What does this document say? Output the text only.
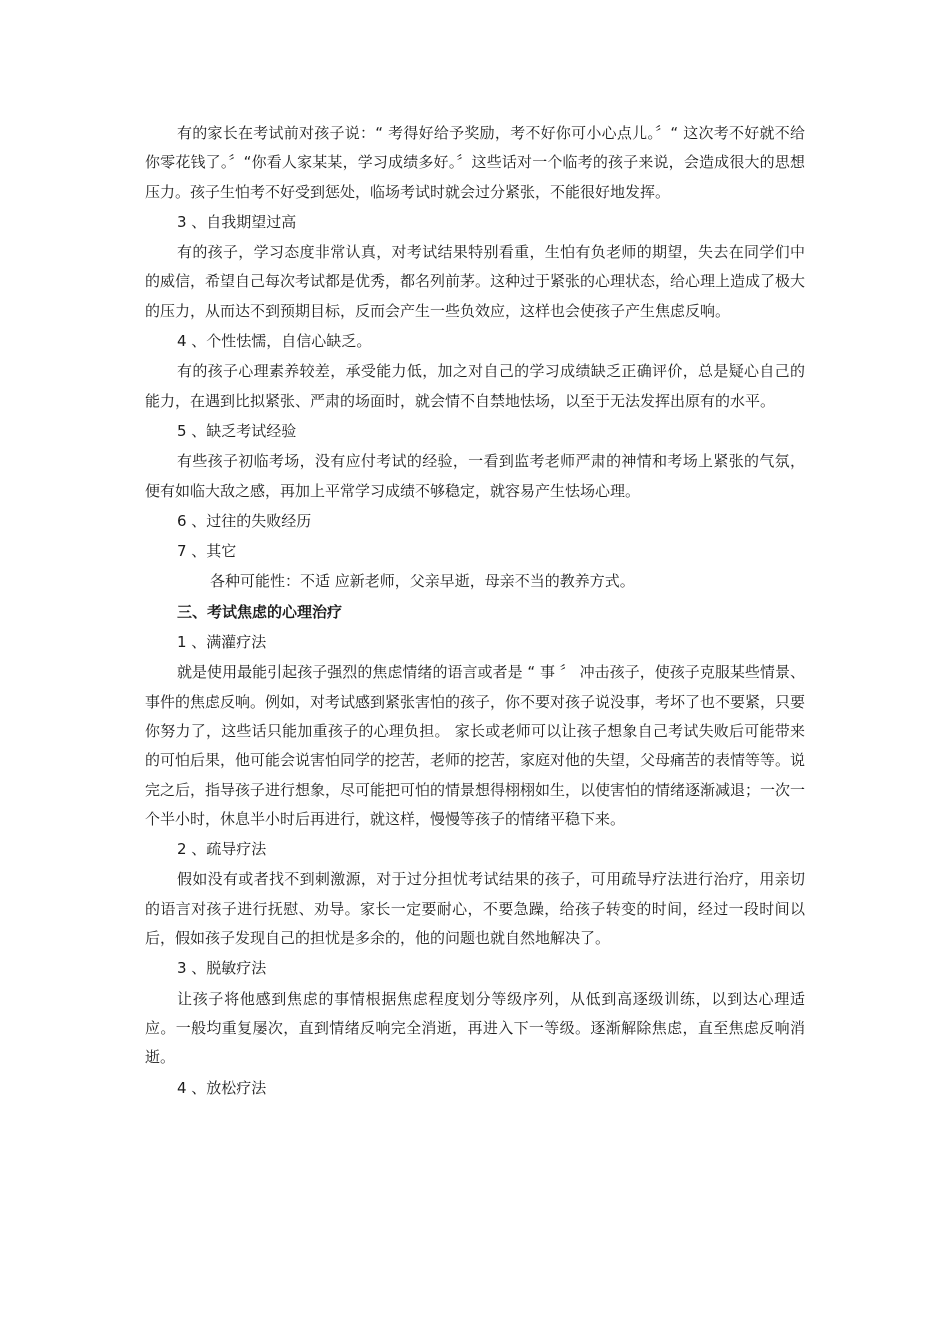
有的家长在考试前对孩子说：“ 考得好给予奖励，考不好你可小心点儿。〞“ 这次考不好就不给你零花钱了。〞“你看人家某某，学习成绩多好。〞这些话对一个临考的孩子来说，会造成很大的思想压力。孩子生怕考不好受到惩处，临场考试时就会过分紧张，不能很好地发挥。

3 、自我期望过高

有的孩子，学习态度非常认真，对考试结果特别看重，生怕有负老师的期望，失去在同学们中的威信，希望自己每次考试都是优秀，都名列前茅。这种过于紧张的心理状态，给心理上造成了极大的压力，从而达不到预期目标，反而会产生一些负效应，这样也会使孩子产生焦虑反响。

4 、个性怯懦，自信心缺乏。

有的孩子心理素养较差，承受能力低，加之对自己的学习成绩缺乏正确评价，总是疑心自己的能力，在遇到比拟紧张、严肃的场面时，就会情不自禁地怯场，以至于无法发挥出原有的水平。

5 、缺乏考试经验

有些孩子初临考场，没有应付考试的经验，一看到监考老师严肃的神情和考场上紧张的气氛，便有如临大敌之感，再加上平常学习成绩不够稳定，就容易产生怯场心理。

6 、过往的失败经历
7 、其它
各种可能性：不适 应新老师，父亲早逝，母亲不当的教养方式。
三、考试焦虑的心理治疗
1 、满灌疗法

就是使用最能引起孩子强烈的焦虑情绪的语言或者是 “ 事 〞 冲击孩子，使孩子克服某些情景、事件的焦虑反响。例如，对考试感到紧张害怕的孩子，你不要对孩子说没事，考坏了也不要紧，只要你努力了，这些话只能加重孩子的心理负担。 家长或老师可以让孩子想象自己考试失败后可能带来的可怕后果，他可能会说害怕同学的挖苦，老师的挖苦，家庭对他的失望，父母痛苦的表情等等。说完之后，指导孩子进行想象，尽可能把可怕的情景想得栩栩如生，以使害怕的情绪逐渐减退；一次一个半小时，休息半小时后再进行，就这样，慢慢等孩子的情绪平稳下来。

2 、疏导疗法

假如没有或者找不到刺激源，对于过分担忧考试结果的孩子，可用疏导疗法进行治疗，用亲切的语言对孩子进行抚慰、劝导。家长一定要耐心，不要急躁，给孩子转变的时间，经过一段时间以后，假如孩子发现自己的担忧是多余的，他的问题也就自然地解决了。

3 、脱敏疗法

让孩子将他感到焦虑的事情根据焦虑程度划分等级序列，从低到高逐级训练，以到达心理适应。一般均重复屡次，直到情绪反响完全消逝，再进入下一等级。逐渐解除焦虑，直至焦虑反响消逝。

4 、放松疗法
